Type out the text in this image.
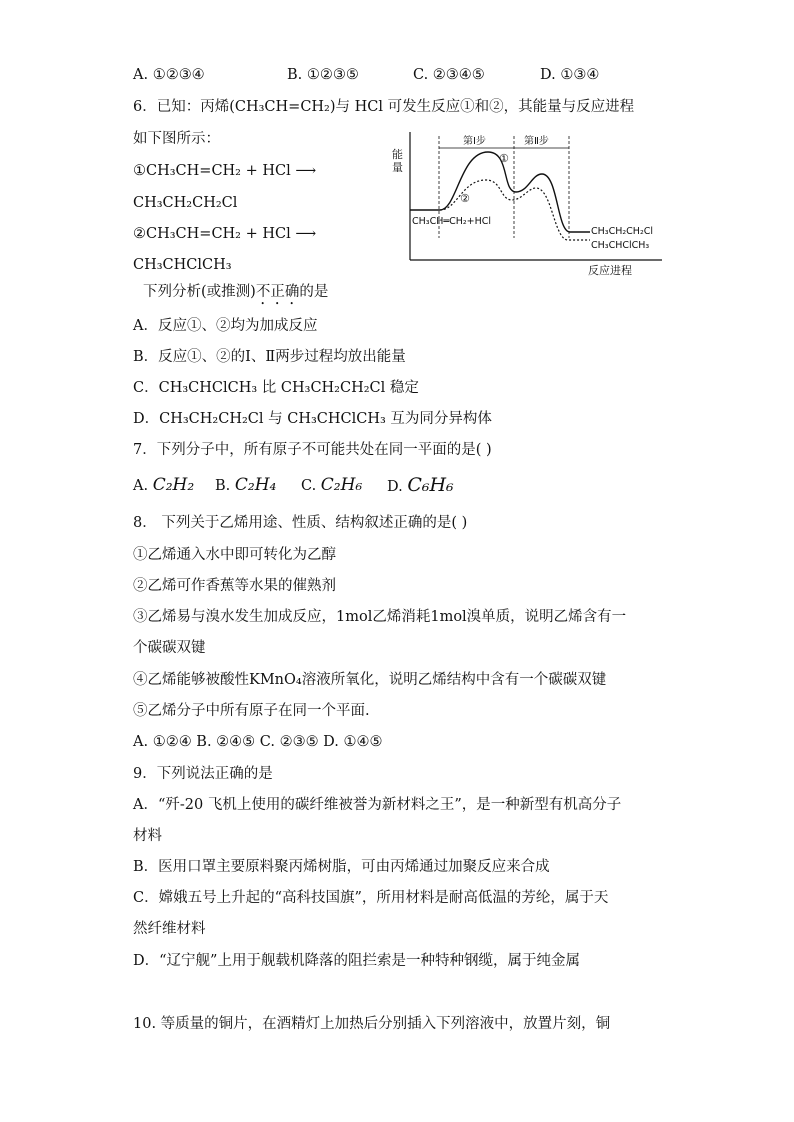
A. ①②③④	B. ①②③⑤	C. ②③④⑤	D. ①③④
6．已知：丙烯(CH₃CH=CH₂)与 HCl 可发生反应①和②，其能量与反应进程
如下图所示：
①CH₃CH=CH₂ + HCl ⟶
CH₃CH₂CH₂Cl
②CH₃CH=CH₂ + HCl ⟶
CH₃CHClCH₃
下列分析(或推测)不正确的是
A．反应①、②均为加成反应
B．反应①、②的Ⅰ、Ⅱ两步过程均放出能量
C．CH₃CHClCH₃ 比 CH₃CH₂CH₂Cl 稳定
D．CH₃CH₂CH₂Cl 与 CH₃CHClCH₃ 互为同分异构体
能
量
反应进程
第Ⅰ步	第Ⅱ步
①
②
CH₃CH═CH₂+HCl
CH₃CH₂CH₂Cl
CH₃CHClCH₃
7．下列分子中，所有原子不可能共处在同一平面的是( )
A. C₂H₂ B. C₂H₄ C. C₂H₆ D. C₆H₆
8． 下列关于乙烯用途、性质、结构叙述正确的是( )
①乙烯通入水中即可转化为乙醇
②乙烯可作香蕉等水果的催熟剂
③乙烯易与溴水发生加成反应，1mol乙烯消耗1mol溴单质，说明乙烯含有一
个碳碳双键
④乙烯能够被酸性KMnO₄溶液所氧化，说明乙烯结构中含有一个碳碳双键
⑤乙烯分子中所有原子在同一个平面.
A. ①②④ B. ②④⑤ C. ②③⑤ D. ①④⑤
9．下列说法正确的是
A．“歼-20 飞机上使用的碳纤维被誉为新材料之王”，是一种新型有机高分子
材料
B．医用口罩主要原料聚丙烯树脂，可由丙烯通过加聚反应来合成
C．嫦娥五号上升起的“高科技国旗”，所用材料是耐高低温的芳纶，属于天
然纤维材料
D．“辽宁舰”上用于舰载机降落的阻拦索是一种特种钢缆，属于纯金属
10. 等质量的铜片，在酒精灯上加热后分别插入下列溶液中，放置片刻，铜
